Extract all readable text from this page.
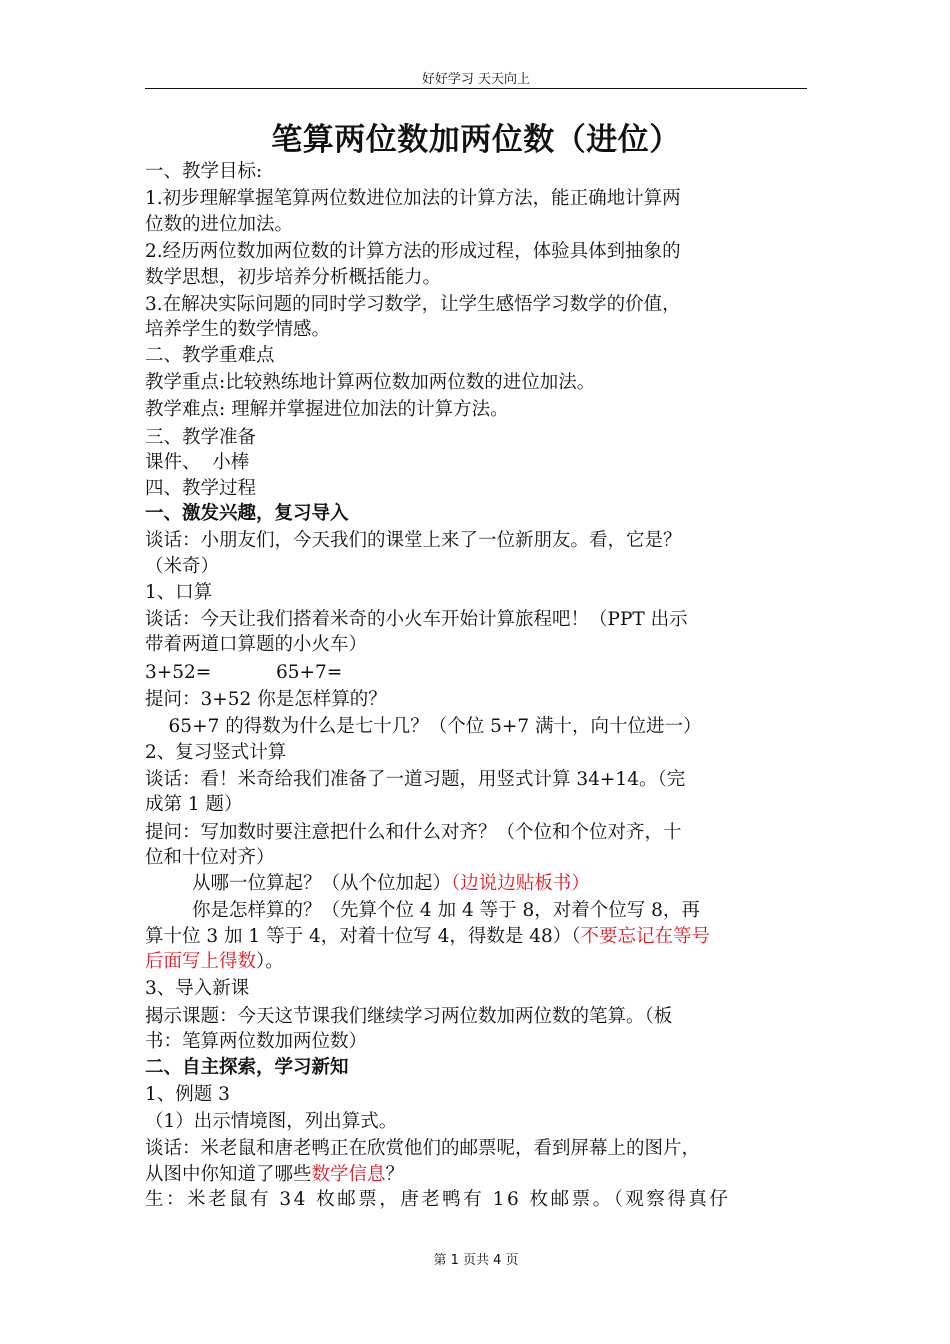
好好学习 天天向上
笔算两位数加两位数（进位）
一、教学目标:
1.初步理解掌握笔算两位数进位加法的计算方法，能正确地计算两
位数的进位加法。
2.经历两位数加两位数的计算方法的形成过程，体验具体到抽象的
数学思想，初步培养分析概括能力。
3.在解决实际问题的同时学习数学，让学生感悟学习数学的价值，
培养学生的数学情感。
二、教学重难点
教学重点:比较熟练地计算两位数加两位数的进位加法。
教学难点: 理解并掌握进位加法的计算方法。
三、教学准备
课件、  小棒
四、教学过程
一、激发兴趣，复习导入
谈话：小朋友们，今天我们的课堂上来了一位新朋友。看，它是？
（米奇）
1、口算
谈话：今天让我们搭着米奇的小火车开始计算旅程吧！（PPT 出示
带着两道口算题的小火车）
3+52=           65+7=
提问：3+52 你是怎样算的？
65+7 的得数为什么是七十几？（个位 5+7 满十，向十位进一）
2、复习竖式计算
谈话：看！米奇给我们准备了一道习题，用竖式计算 34+14。（完
成第 1 题）
提问：写加数时要注意把什么和什么对齐？（个位和个位对齐，十
位和十位对齐）
从哪一位算起？（从个位加起）（边说边贴板书）
你是怎样算的？（先算个位 4 加 4 等于 8，对着个位写 8，再
算十位 3 加 1 等于 4，对着十位写 4，得数是 48）（不要忘记在等号
后面写上得数）。
3、导入新课
揭示课题：今天这节课我们继续学习两位数加两位数的笔算。（板
书：笔算两位数加两位数）
二、自主探索，学习新知
1、例题 3
（1）出示情境图，列出算式。
谈话：米老鼠和唐老鸭正在欣赏他们的邮票呢，看到屏幕上的图片，
从图中你知道了哪些数学信息？
生：米老鼠有 34 枚邮票，唐老鸭有 16 枚邮票。（观察得真仔
第 1 页共 4 页
